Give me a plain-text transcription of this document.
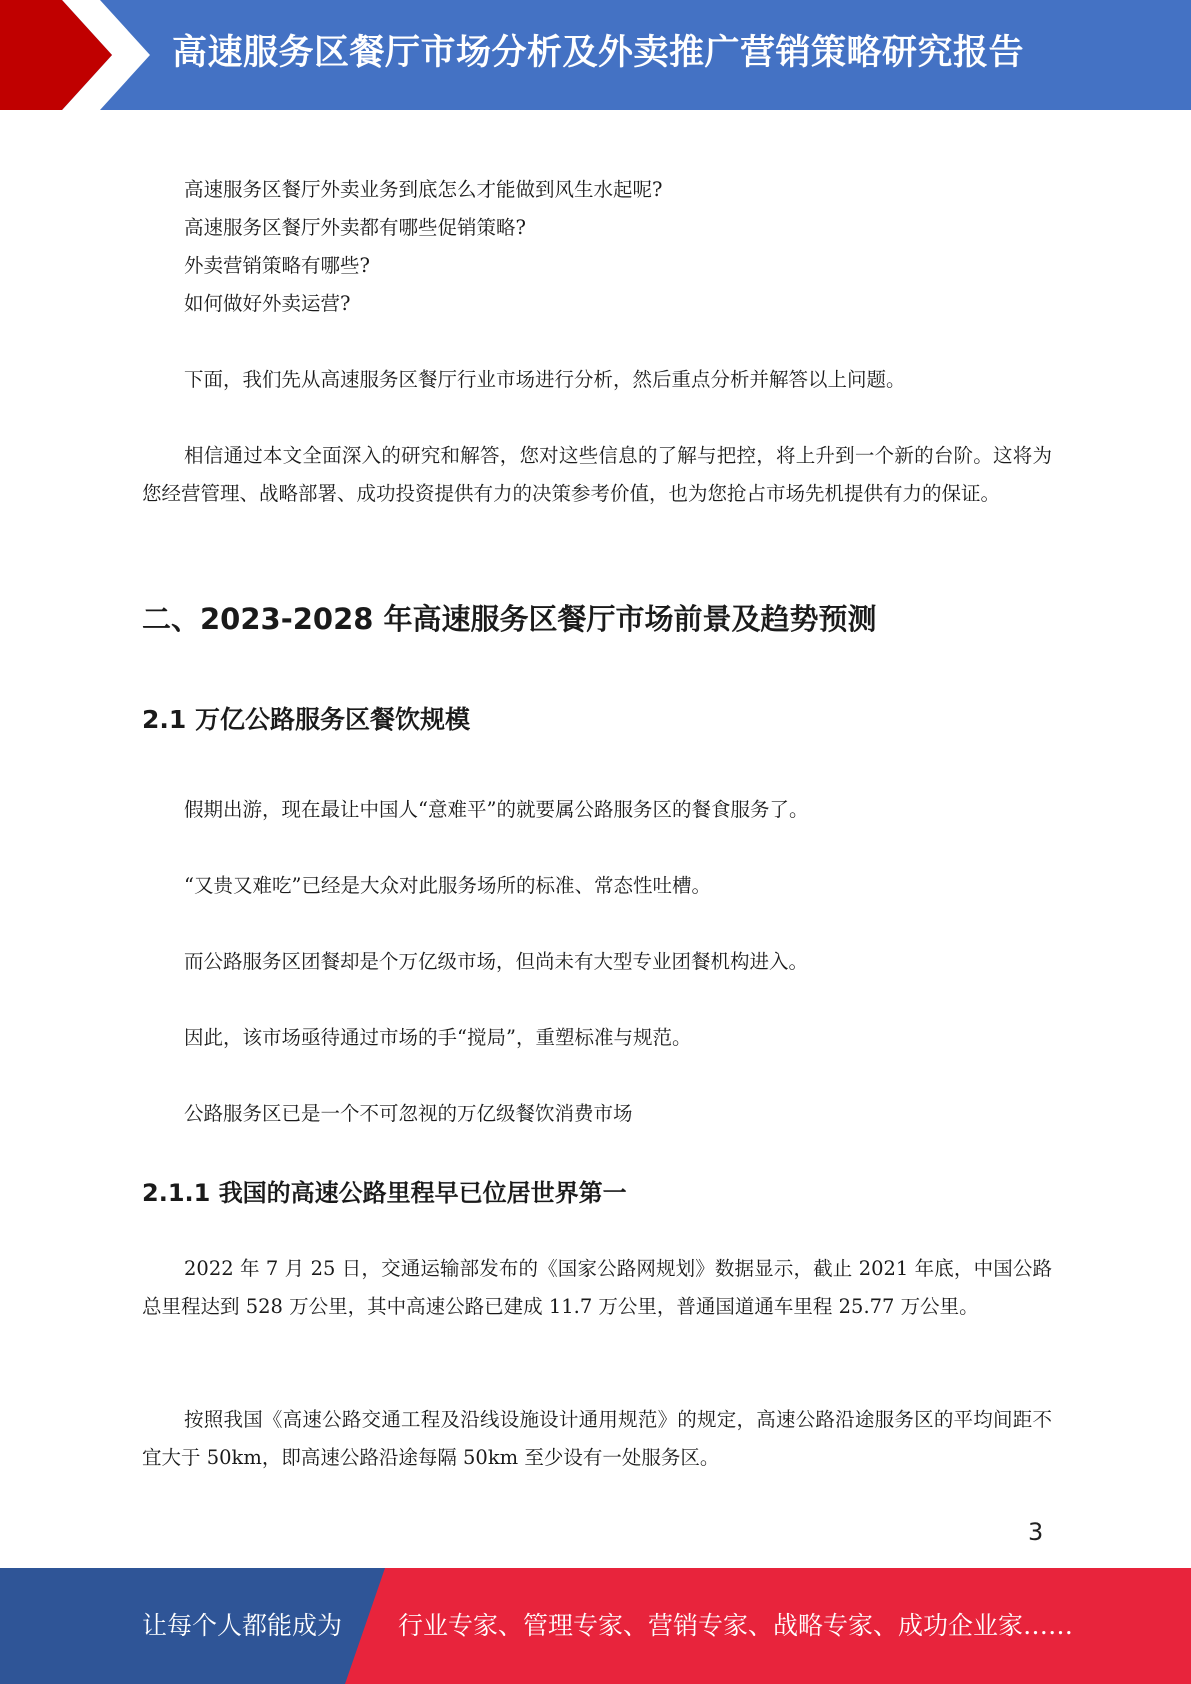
高速服务区餐厅市场分析及外卖推广营销策略研究报告
高速服务区餐厅外卖业务到底怎么才能做到风生水起呢?
高速服务区餐厅外卖都有哪些促销策略?
外卖营销策略有哪些?
如何做好外卖运营?
下面，我们先从高速服务区餐厅行业市场进行分析，然后重点分析并解答以上问题。
相信通过本文全面深入的研究和解答，您对这些信息的了解与把控，将上升到一个新的台阶。这将为您经营管理、战略部署、成功投资提供有力的决策参考价值，也为您抢占市场先机提供有力的保证。
二、2023-2028 年高速服务区餐厅市场前景及趋势预测
2.1 万亿公路服务区餐饮规模
假期出游，现在最让中国人“意难平”的就要属公路服务区的餐食服务了。
“又贵又难吃”已经是大众对此服务场所的标准、常态性吐槽。
而公路服务区团餐却是个万亿级市场，但尚未有大型专业团餐机构进入。
因此，该市场亟待通过市场的手“搅局”，重塑标准与规范。
公路服务区已是一个不可忽视的万亿级餐饮消费市场
2.1.1 我国的高速公路里程早已位居世界第一
2022 年 7 月 25 日，交通运输部发布的《国家公路网规划》数据显示，截止 2021 年底，中国公路总里程达到 528 万公里，其中高速公路已建成 11.7 万公里，普通国道通车里程 25.77 万公里。
按照我国《高速公路交通工程及沿线设施设计通用规范》的规定，高速公路沿途服务区的平均间距不宜大于 50km，即高速公路沿途每隔 50km 至少设有一处服务区。
3
让每个人都能成为 行业专家、管理专家、营销专家、战略专家、成功企业家……
